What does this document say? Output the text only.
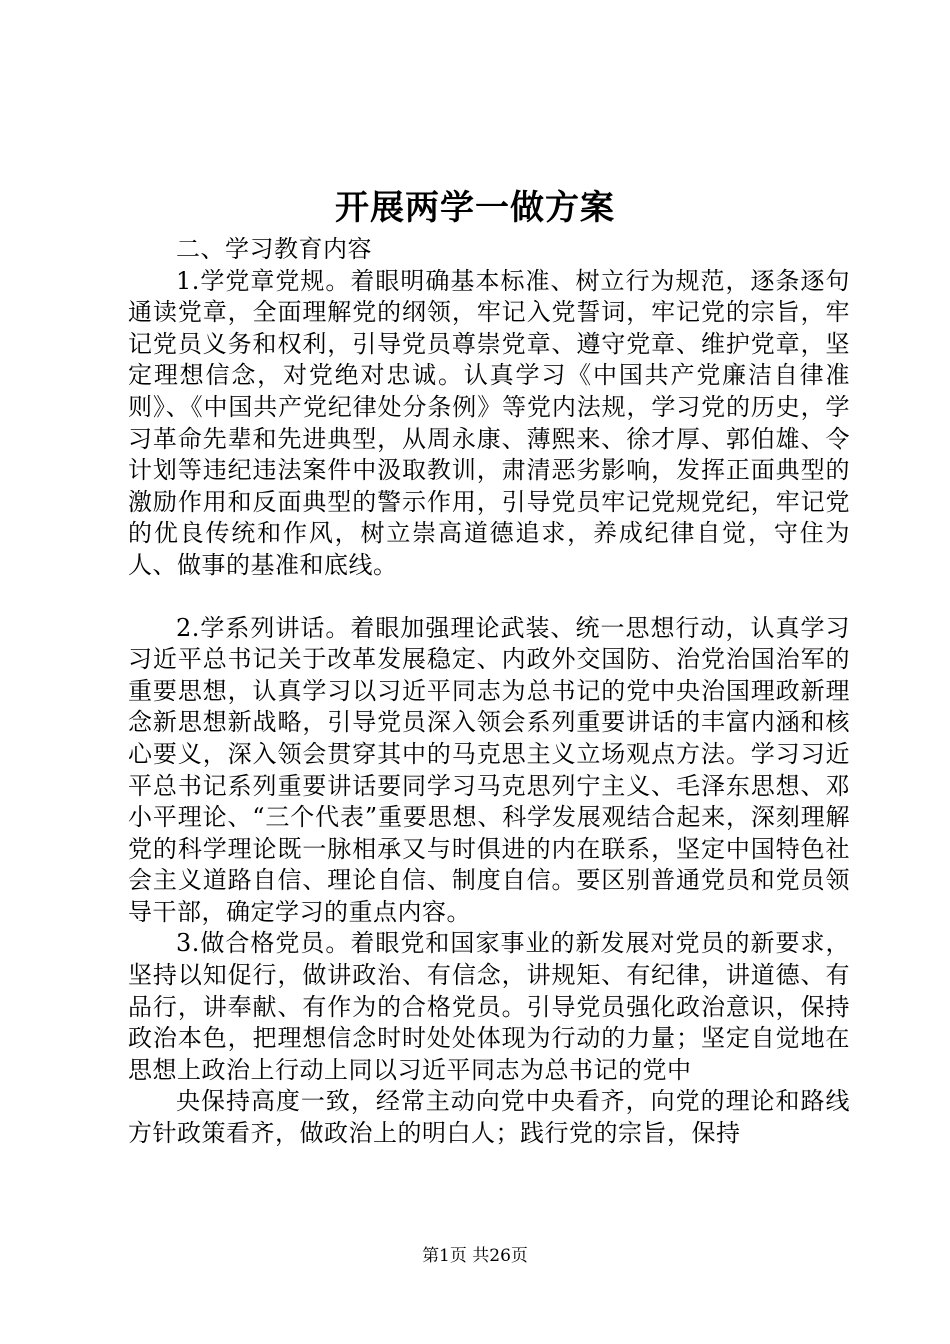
开展两学一做方案

二、学习教育内容

1.学党章党规。着眼明确基本标准、树立行为规范，逐条逐句通读党章，全面理解党的纲领，牢记入党誓词，牢记党的宗旨，牢记党员义务和权利，引导党员尊崇党章、遵守党章、维护党章，坚定理想信念，对党绝对忠诚。认真学习《中国共产党廉洁自律准则》、《中国共产党纪律处分条例》等党内法规，学习党的历史，学习革命先辈和先进典型，从周永康、薄熙来、徐才厚、郭伯雄、令计划等违纪违法案件中汲取教训，肃清恶劣影响，发挥正面典型的激励作用和反面典型的警示作用，引导党员牢记党规党纪，牢记党的优良传统和作风，树立崇高道德追求，养成纪律自觉，守住为人、做事的基准和底线。

2.学系列讲话。着眼加强理论武装、统一思想行动，认真学习习近平总书记关于改革发展稳定、内政外交国防、治党治国治军的重要思想，认真学习以习近平同志为总书记的党中央治国理政新理念新思想新战略，引导党员深入领会系列重要讲话的丰富内涵和核心要义，深入领会贯穿其中的马克思主义立场观点方法。学习习近平总书记系列重要讲话要同学习马克思列宁主义、毛泽东思想、邓小平理论、“三个代表”重要思想、科学发展观结合起来，深刻理解党的科学理论既一脉相承又与时俱进的内在联系，坚定中国特色社会主义道路自信、理论自信、制度自信。要区别普通党员和党员领导干部，确定学习的重点内容。

3.做合格党员。着眼党和国家事业的新发展对党员的新要求，坚持以知促行，做讲政治、有信念，讲规矩、有纪律，讲道德、有品行，讲奉献、有作为的合格党员。引导党员强化政治意识，保持政治本色，把理想信念时时处处体现为行动的力量；坚定自觉地在思想上政治上行动上同以习近平同志为总书记的党中

央保持高度一致，经常主动向党中央看齐，向党的理论和路线方针政策看齐，做政治上的明白人；践行党的宗旨，保持

第1页 共26页
